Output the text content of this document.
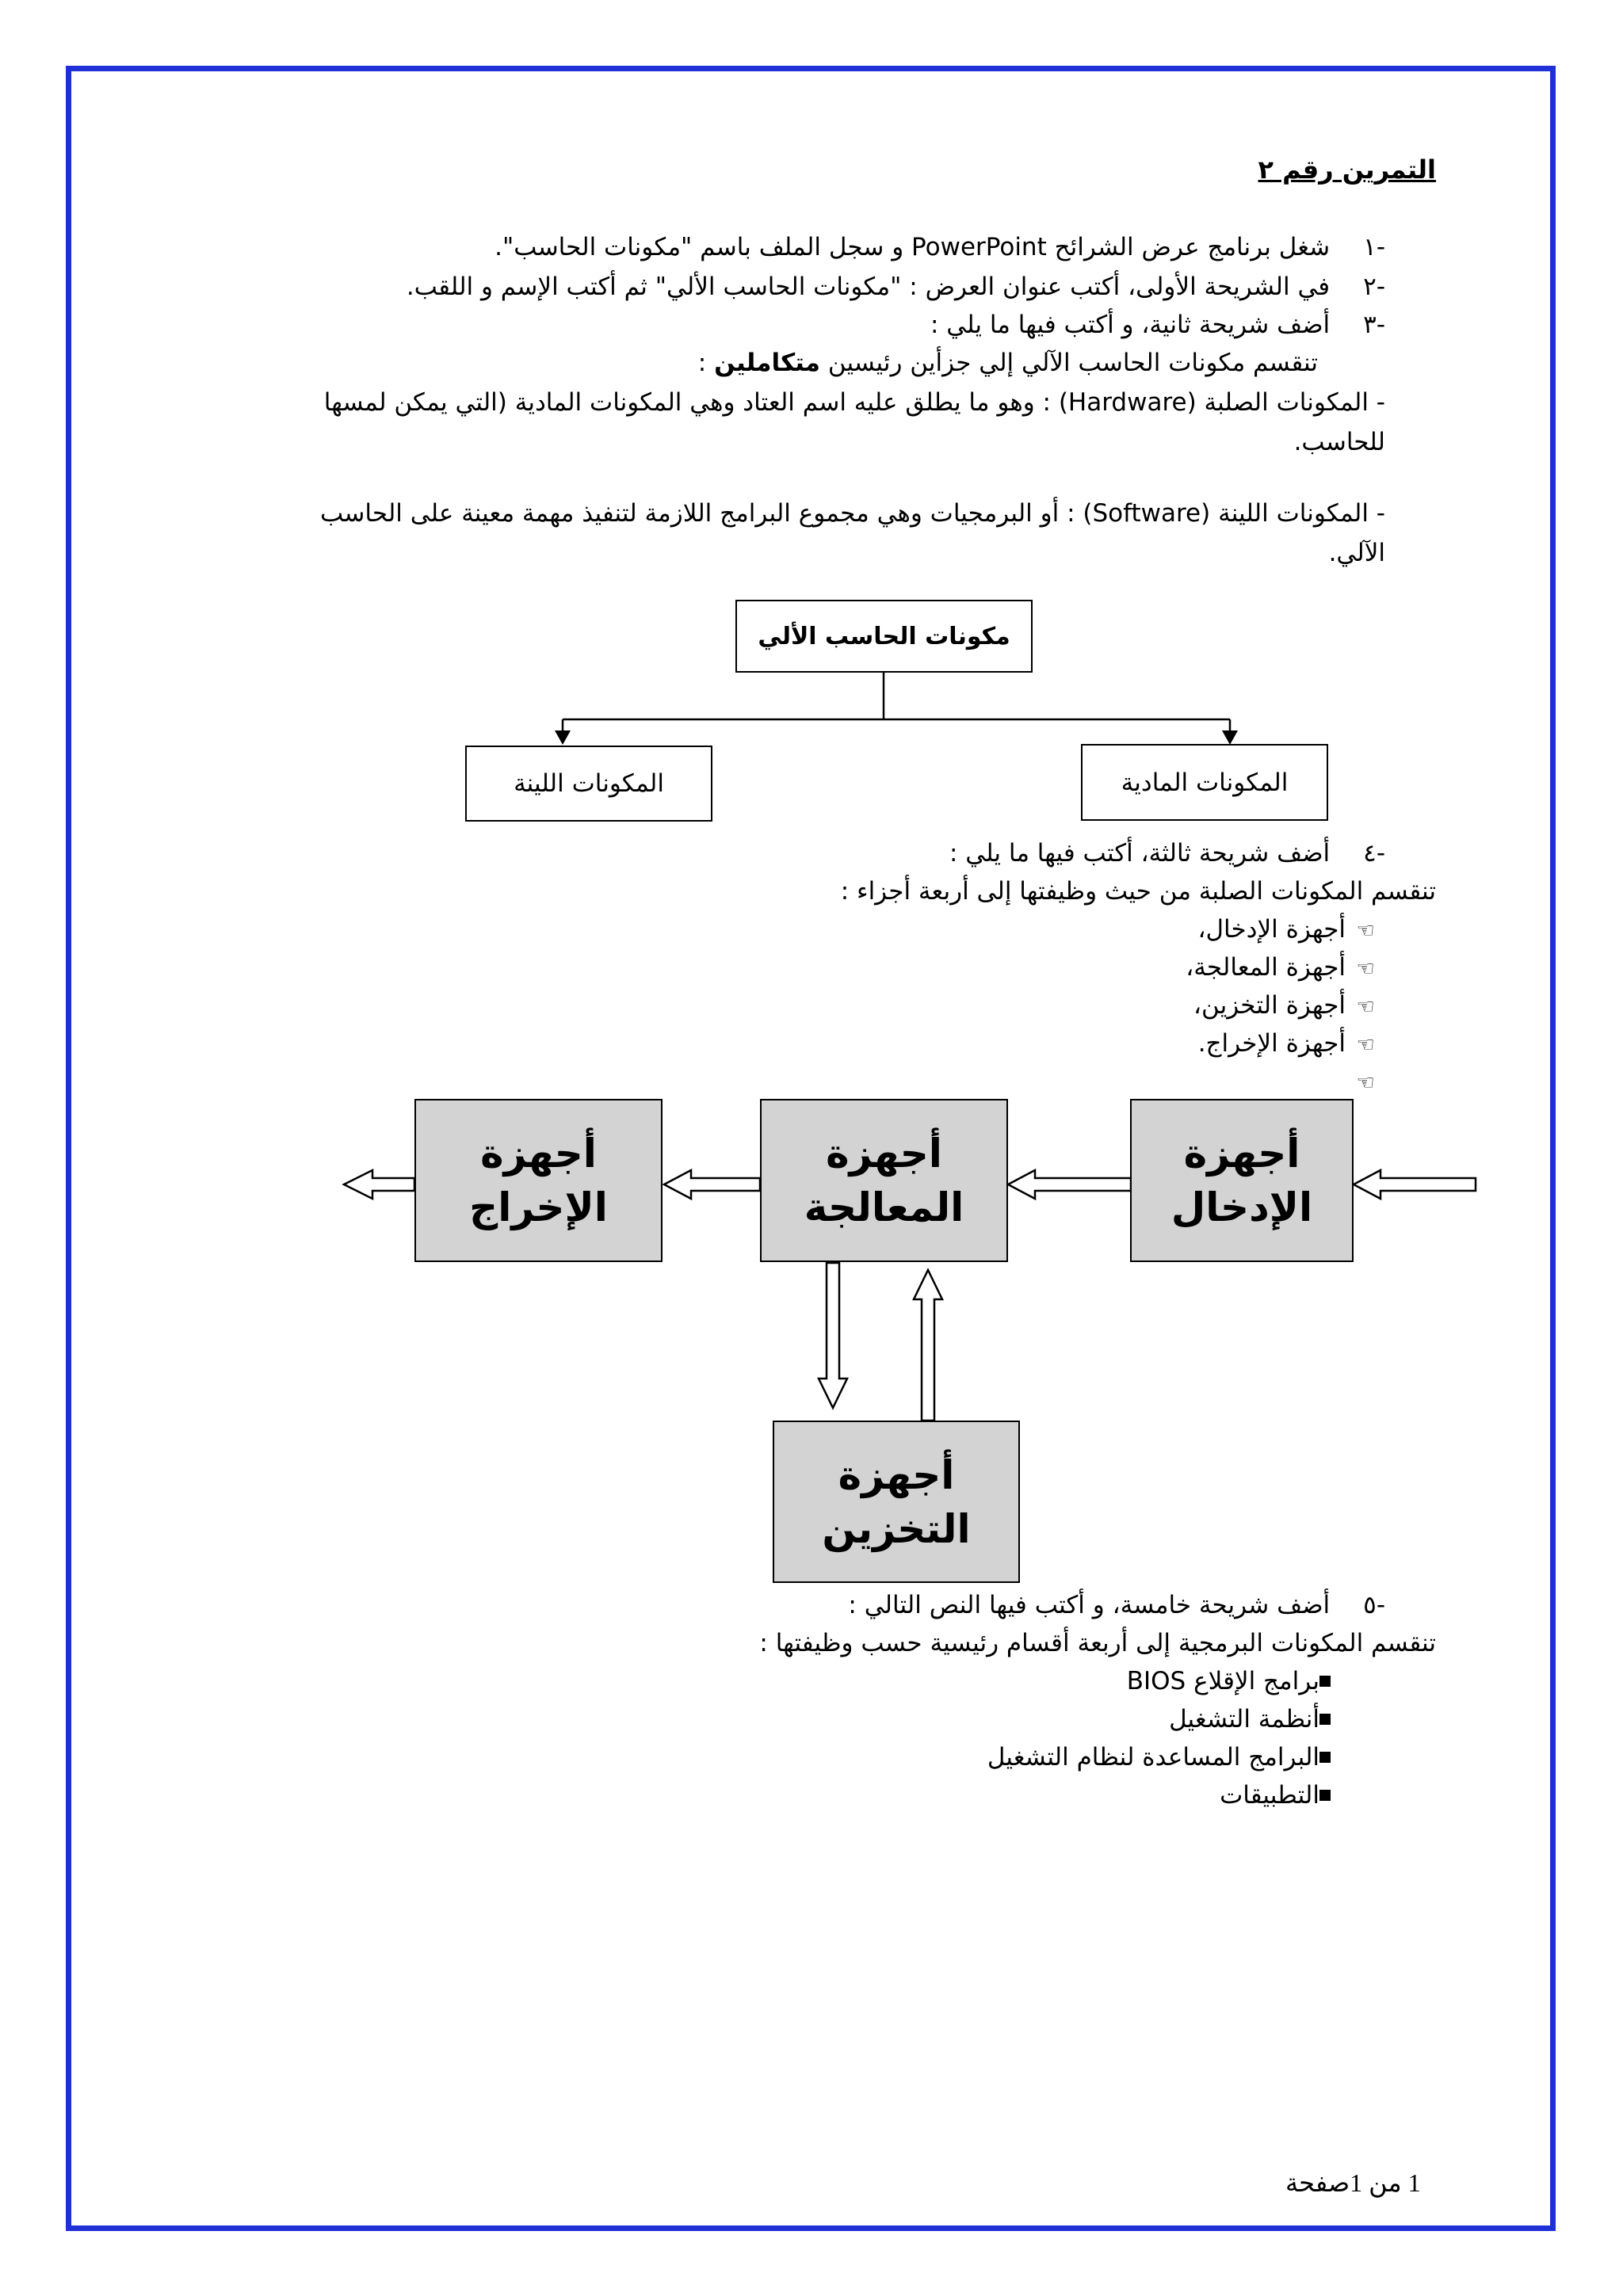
التمرين رقم ٢
-١ شغل برنامج عرض الشرائح PowerPoint و سجل الملف باسم "مكونات الحاسب".
-٢ في الشريحة الأولى، أكتب عنوان العرض : "مكونات الحاسب الألي" ثم أكتب الإسم و اللقب.
-٣ أضف شريحة ثانية، و أكتب فيها ما يلي :
تنقسم مكونات الحاسب الآلي إلي جزأين رئيسين متكاملين :
- المكونات الصلبة (Hardware) : وهو ما يطلق عليه اسم العتاد وهي المكونات المادية (التي يمكن لمسها
للحاسب.
- المكونات اللينة (Software) : أو البرمجيات وهي مجموع البرامج اللازمة لتنفيذ مهمة معينة على الحاسب
الآلي.
مكونات الحاسب الألي
المكونات اللينة	المكونات المادية
-٤ أضف شريحة ثالثة، أكتب فيها ما يلي :
تنقسم المكونات الصلبة من حيث وظيفتها إلى أربعة أجزاء :
☜أجهزة الإدخال،
☜أجهزة المعالجة،
☜أجهزة التخزين،
☜أجهزة الإخراج.
☜
أجهزة
الإدخال
أجهزة
المعالجة
أجهزة
الإخراج
أجهزة
التخزين
-٥ أضف شريحة خامسة، و أكتب فيها النص التالي :
تنقسم المكونات البرمجية إلى أربعة أقسام رئيسية حسب وظيفتها :
برامج الإقلاع BIOS
أنظمة التشغيل
البرامج المساعدة لنظام التشغيل
التطبيقات
1 من 1صفحة
